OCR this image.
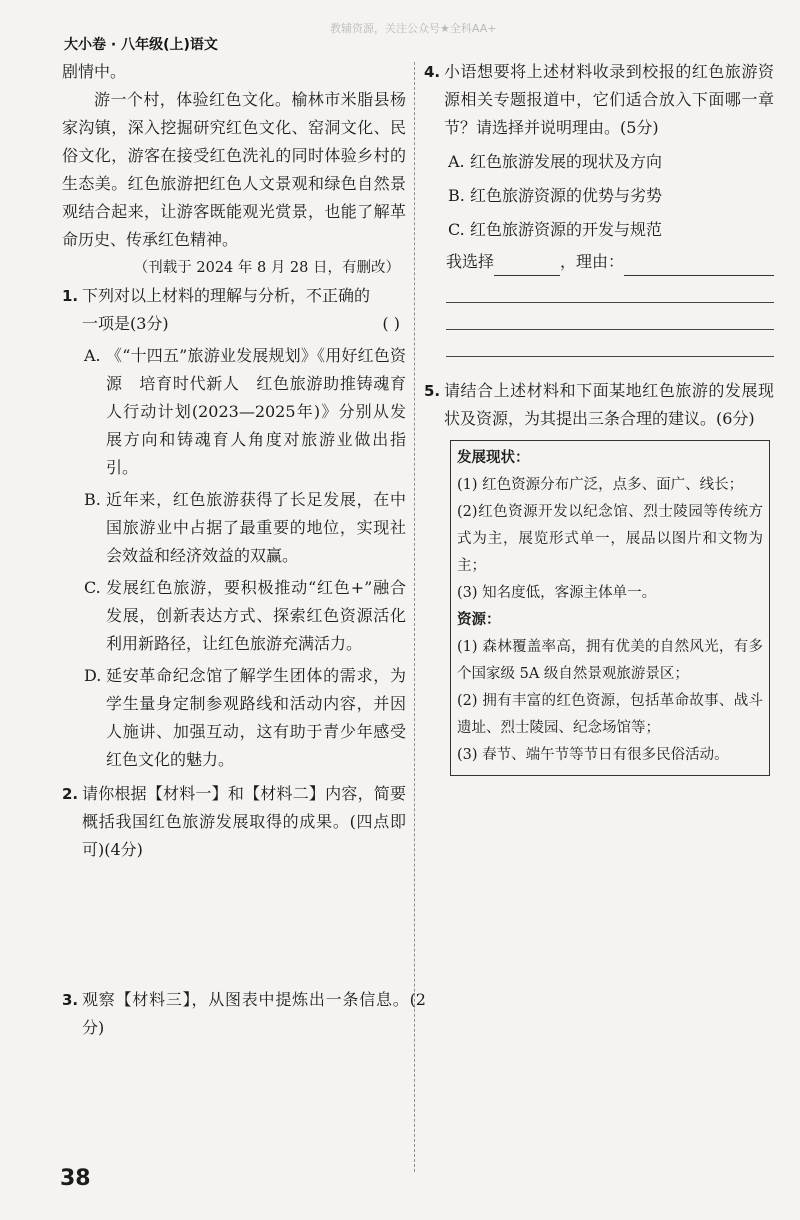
教辅资源，关注公众号★全科AA+
大小卷 · 八年级(上)语文

剧情中。

游一个村，体验红色文化。榆林市米脂县杨家沟镇，深入挖掘研究红色文化、窑洞文化、民俗文化，游客在接受红色洗礼的同时体验乡村的生态美。红色旅游把红色人文景观和绿色自然景观结合起来，让游客既能观光赏景，也能了解革命历史、传承红色精神。

（刊载于 2024 年 8 月 28 日，有删改）

1. 下列对以上材料的理解与分析，不正确的

一项是(3分)	( )
A. 《“十四五”旅游业发展规划》《用好红色资源　培育时代新人　红色旅游助推铸魂育人行动计划(2023—2025年)》分别从发展方向和铸魂育人角度对旅游业做出指引。
B. 近年来，红色旅游获得了长足发展，在中国旅游业中占据了最重要的地位，实现社会效益和经济效益的双赢。
C. 发展红色旅游，要积极推动“红色+”融合发展，创新表达方式、探索红色资源活化利用新路径，让红色旅游充满活力。
D. 延安革命纪念馆了解学生团体的需求，为学生量身定制参观路线和活动内容，并因人施讲、加强互动，这有助于青少年感受红色文化的魅力。
2. 请你根据【材料一】和【材料二】内容，简要概括我国红色旅游发展取得的成果。(四点即可)(4分)

3. 观察【材料三】，从图表中提炼出一条信息。(2分)

4. 小语想要将上述材料收录到校报的红色旅游资源相关专题报道中，它们适合放入下面哪一章节？请选择并说明理由。(5分)

A. 红色旅游发展的现状及方向
B. 红色旅游资源的优势与劣势
C. 红色旅游资源的开发与规范
我选择	，理由：
5. 请结合上述材料和下面某地红色旅游的发展现状及资源，为其提出三条合理的建议。(6分)

发展现状：

(1) 红色资源分布广泛，点多、面广、线长；

(2)红色资源开发以纪念馆、烈士陵园等传统方式为主，展览形式单一，展品以图片和文物为主；

(3) 知名度低，客源主体单一。

资源：

(1) 森林覆盖率高，拥有优美的自然风光，有多个国家级 5A 级自然景观旅游景区；

(2) 拥有丰富的红色资源，包括革命故事、战斗遗址、烈士陵园、纪念场馆等；

(3) 春节、端午节等节日有很多民俗活动。

38
